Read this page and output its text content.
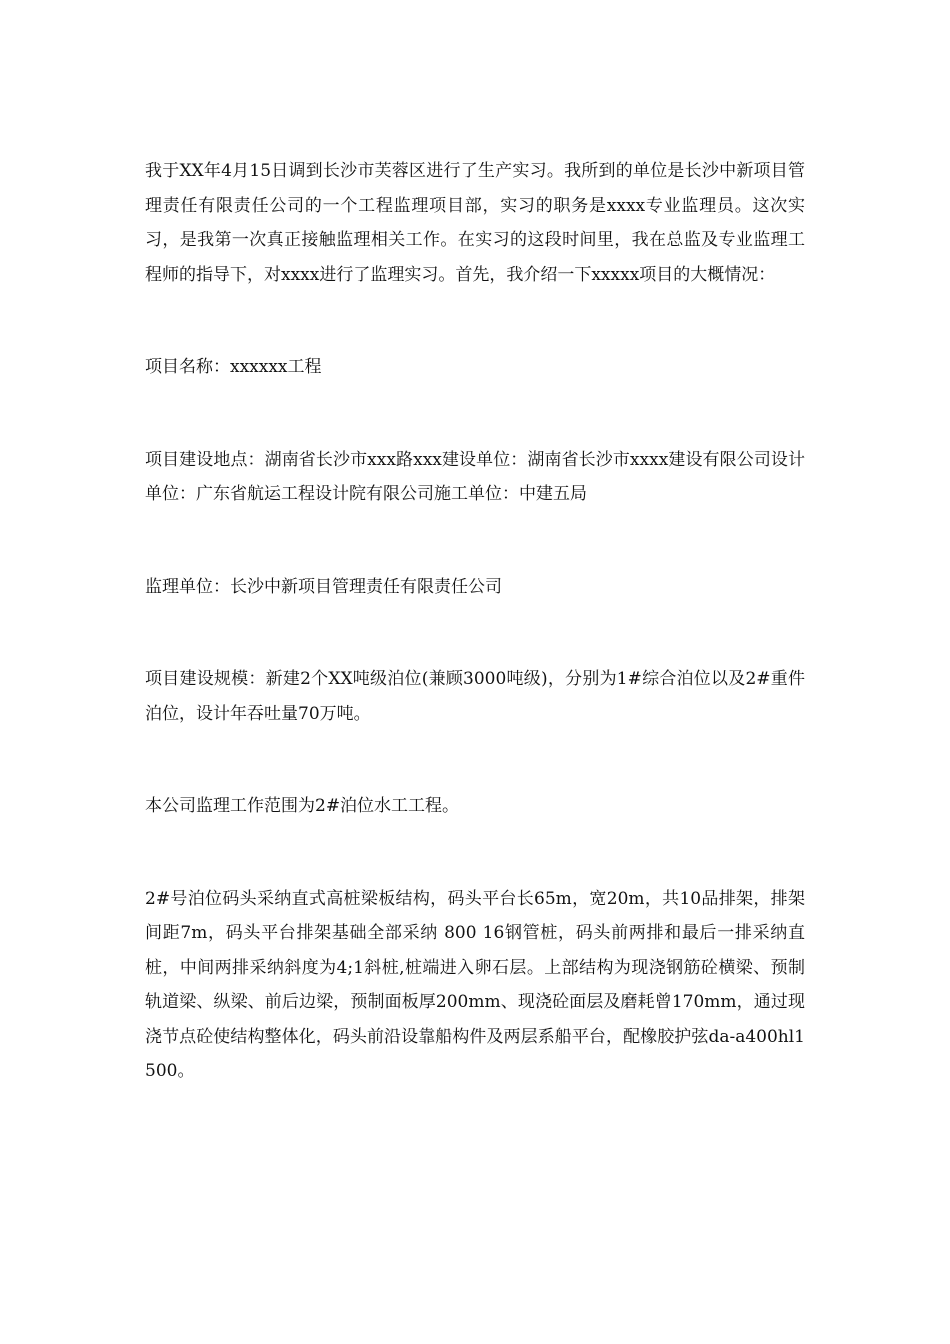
我于XX年4月15日调到长沙市芙蓉区进行了生产实习。我所到的单位是长沙中新项目管理责任有限责任公司的一个工程监理项目部，实习的职务是xxxx专业监理员。这次实习，是我第一次真正接触监理相关工作。在实习的这段时间里，我在总监及专业监理工程师的指导下，对xxxx进行了监理实习。首先，我介绍一下xxxxx项目的大概情况：

项目名称：xxxxxx工程

项目建设地点：湖南省长沙市xxx路xxx建设单位：湖南省长沙市xxxx建设有限公司设计单位：广东省航运工程设计院有限公司施工单位：中建五局

监理单位：长沙中新项目管理责任有限责任公司

项目建设规模：新建2个XX吨级泊位(兼顾3000吨级)，分别为1#综合泊位以及2#重件泊位，设计年吞吐量70万吨。

本公司监理工作范围为2#泊位水工工程。

2#号泊位码头采纳直式高桩梁板结构，码头平台长65m，宽20m，共10品排架，排架间距7m，码头平台排架基础全部采纳 800 16钢管桩，码头前两排和最后一排采纳直桩，中间两排采纳斜度为4;1斜桩,桩端进入卵石层。上部结构为现浇钢筋砼横梁、预制轨道梁、纵梁、前后边梁，预制面板厚200mm、现浇砼面层及磨耗曾170mm，通过现浇节点砼使结构整体化，码头前沿设靠船构件及两层系船平台，配橡胶护弦da-a400hl1500。
